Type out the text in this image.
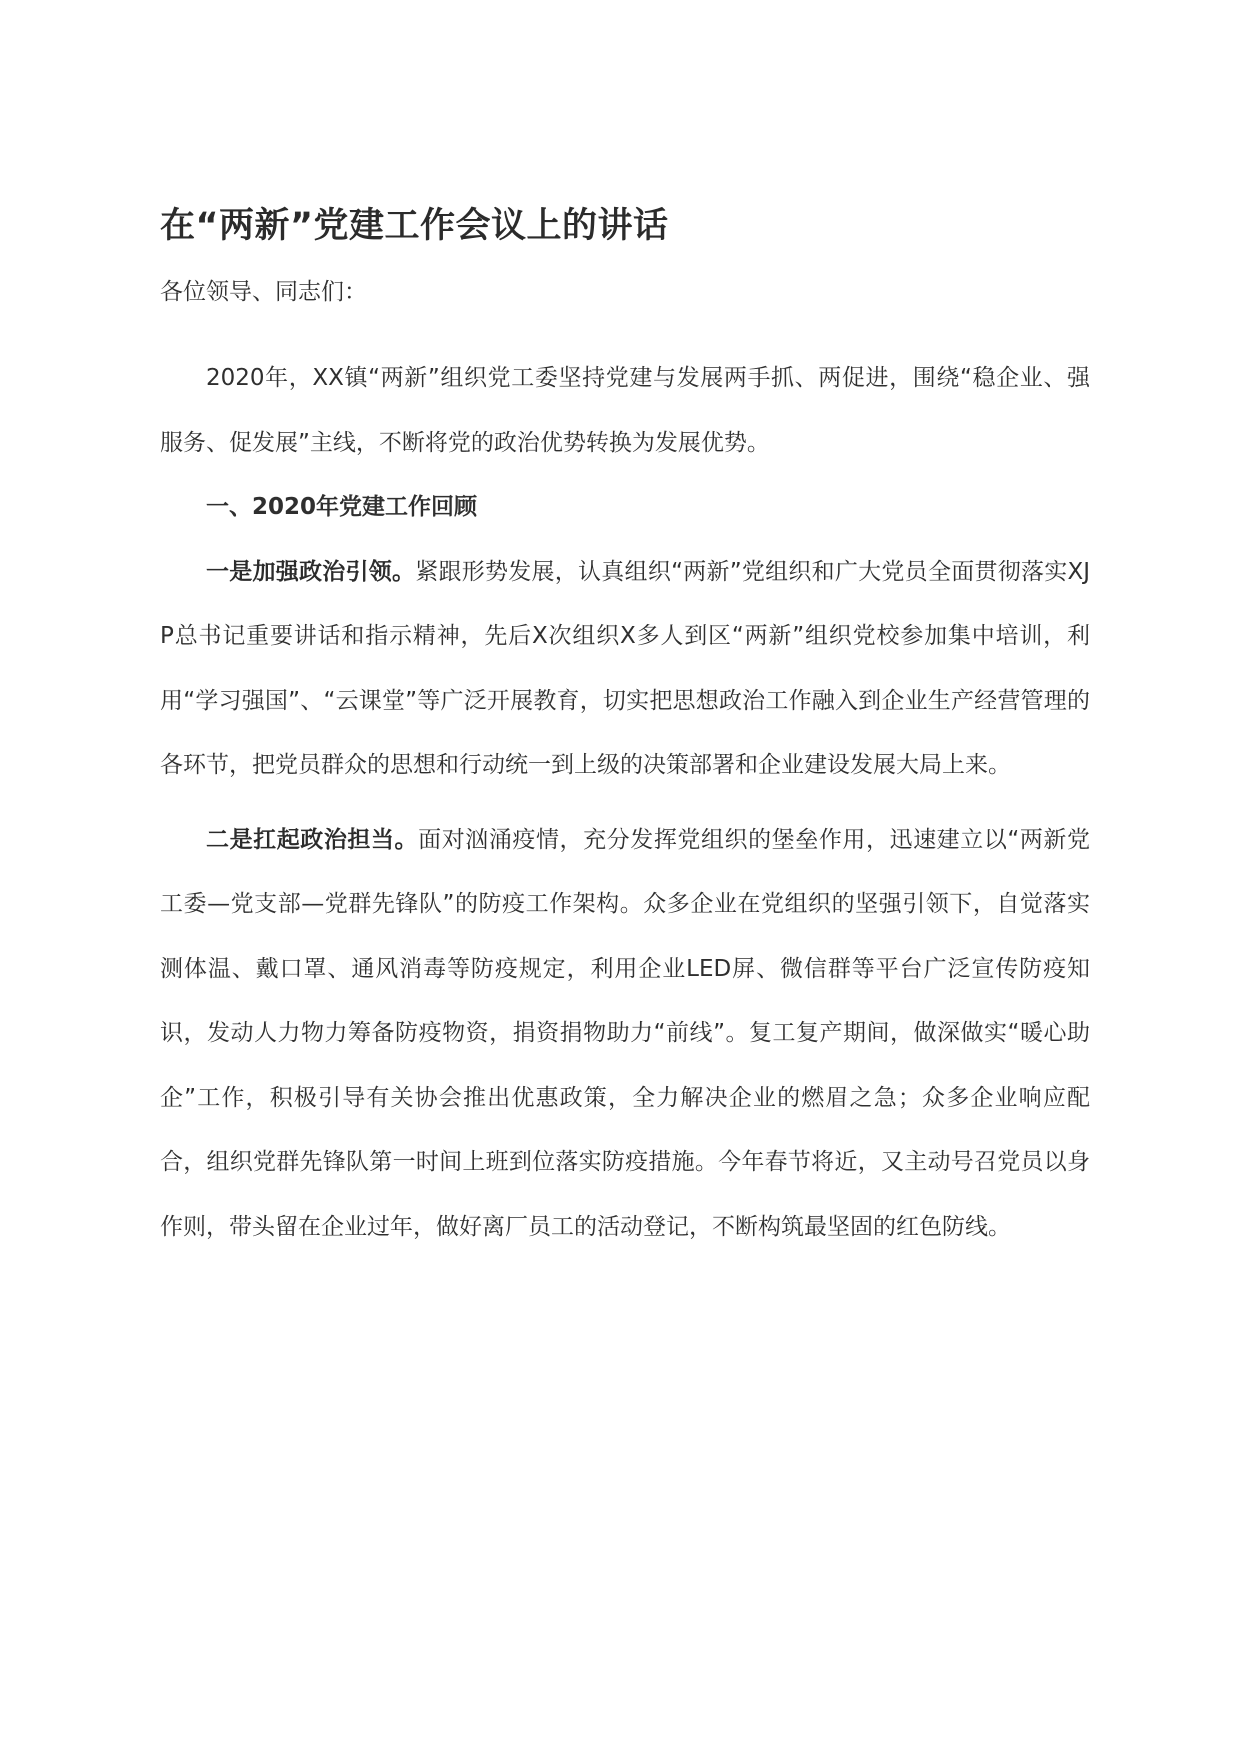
在“两新”党建工作会议上的讲话

各位领导、同志们：

2020年，XX镇“两新”组织党工委坚持党建与发展两手抓、两促进，围绕“稳企业、强服务、促发展”主线，不断将党的政治优势转换为发展优势。

一、2020年党建工作回顾

一是加强政治引领。紧跟形势发展，认真组织“两新”党组织和广大党员全面贯彻落实XJP总书记重要讲话和指示精神，先后X次组织X多人到区“两新”组织党校参加集中培训，利用“学习强国”、“云课堂”等广泛开展教育，切实把思想政治工作融入到企业生产经营管理的各环节，把党员群众的思想和行动统一到上级的决策部署和企业建设发展大局上来。

二是扛起政治担当。面对汹涌疫情，充分发挥党组织的堡垒作用，迅速建立以“两新党工委—党支部—党群先锋队”的防疫工作架构。众多企业在党组织的坚强引领下，自觉落实测体温、戴口罩、通风消毒等防疫规定，利用企业LED屏、微信群等平台广泛宣传防疫知识，发动人力物力筹备防疫物资，捐资捐物助力“前线”。复工复产期间，做深做实“暖心助企”工作，积极引导有关协会推出优惠政策，全力解决企业的燃眉之急；众多企业响应配合，组织党群先锋队第一时间上班到位落实防疫措施。今年春节将近，又主动号召党员以身作则，带头留在企业过年，做好离厂员工的活动登记，不断构筑最坚固的红色防线。
